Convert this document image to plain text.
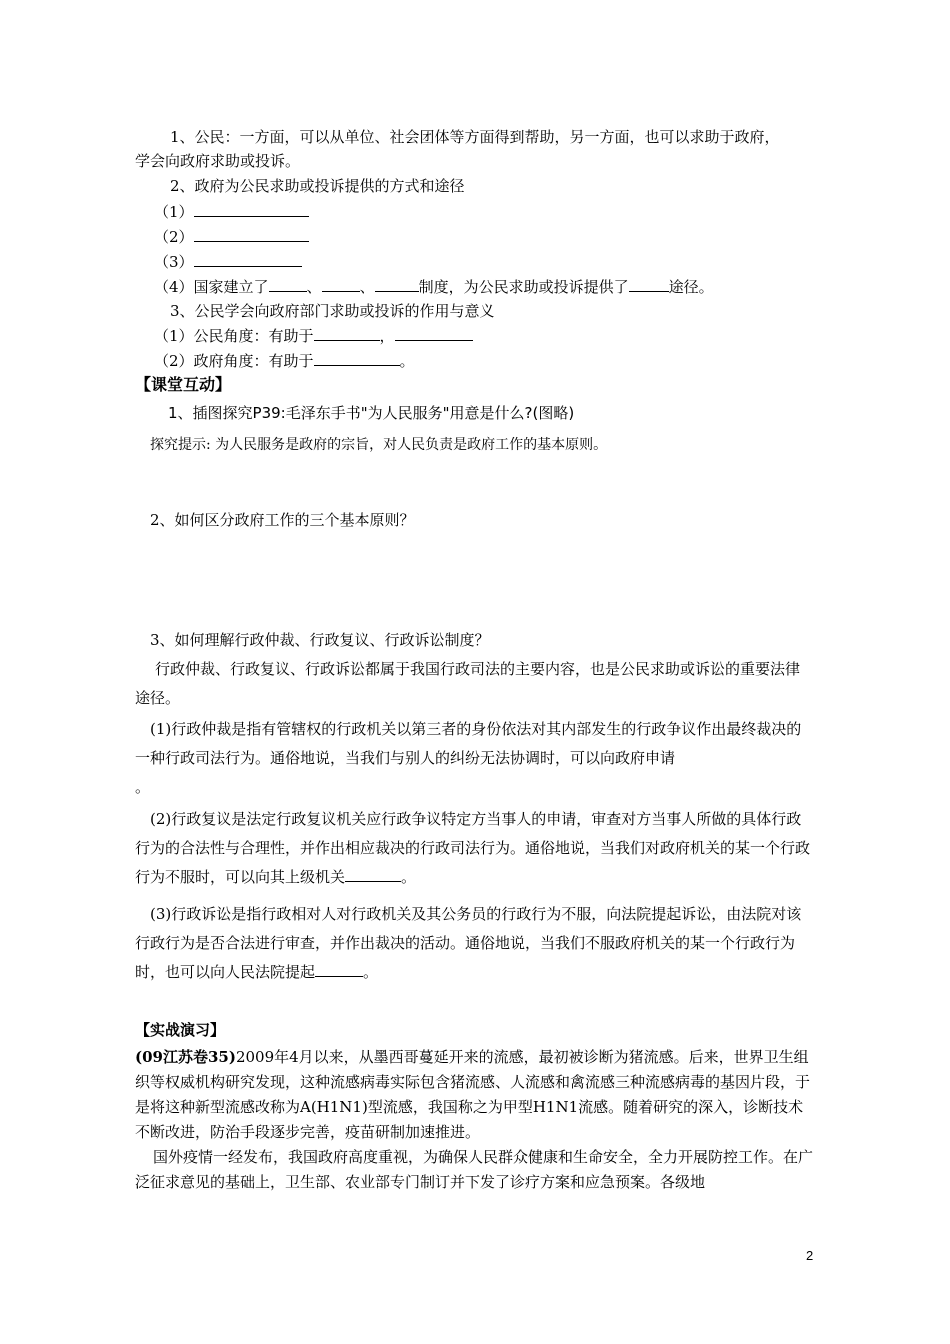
1、公民：一方面，可以从单位、社会团体等方面得到帮助，另一方面，也可以求助于政府，
学会向政府求助或投诉。
2、政府为公民求助或投诉提供的方式和途径
（1）
（2）
（3）
（4）国家建立了	、	、	制度，为公民求助或投诉提供了	途径。
3、公民学会向政府部门求助或投诉的作用与意义
（1）公民角度：有助于	，
（2）政府角度：有助于	。
【课堂互动】
1、插图探究P39:毛泽东手书"为人民服务"用意是什么?(图略)
探究提示: 为人民服务是政府的宗旨，对人民负责是政府工作的基本原则。
2、如何区分政府工作的三个基本原则？
3、如何理解行政仲裁、行政复议、行政诉讼制度？
行政仲裁、行政复议、行政诉讼都属于我国行政司法的主要内容，也是公民求助或诉讼的重要法律途径。
(1)行政仲裁是指有管辖权的行政机关以第三者的身份依法对其内部发生的行政争议作出最终裁决的一种行政司法行为。通俗地说，当我们与别人的纠纷无法协调时，可以向政府申请
。
(2)行政复议是法定行政复议机关应行政争议特定方当事人的申请，审查对方当事人所做的具体行政行为的合法性与合理性，并作出相应裁决的行政司法行为。通俗地说，当我们对政府机关的某一个行政行为不服时，可以向其上级机关	。
(3)行政诉讼是指行政相对人对行政机关及其公务员的行政行为不服，向法院提起诉讼，由法院对该行政行为是否合法进行审查，并作出裁决的活动。通俗地说，当我们不服政府机关的某一个行政行为时，也可以向人民法院提起	。
【实战演习】
(09江苏卷35)2009年4月以来，从墨西哥蔓延开来的流感，最初被诊断为猪流感。后来，世界卫生组织等权威机构研究发现，这种流感病毒实际包含猪流感、人流感和禽流感三种流感病毒的基因片段，于是将这种新型流感改称为A(H1N1)型流感，我国称之为甲型H1N1流感。随着研究的深入，诊断技术不断改进，防治手段逐步完善，疫苗研制加速推进。
国外疫情一经发布，我国政府高度重视，为确保人民群众健康和生命安全，全力开展防控工作。在广泛征求意见的基础上，卫生部、农业部专门制订并下发了诊疗方案和应急预案。各级地
2
